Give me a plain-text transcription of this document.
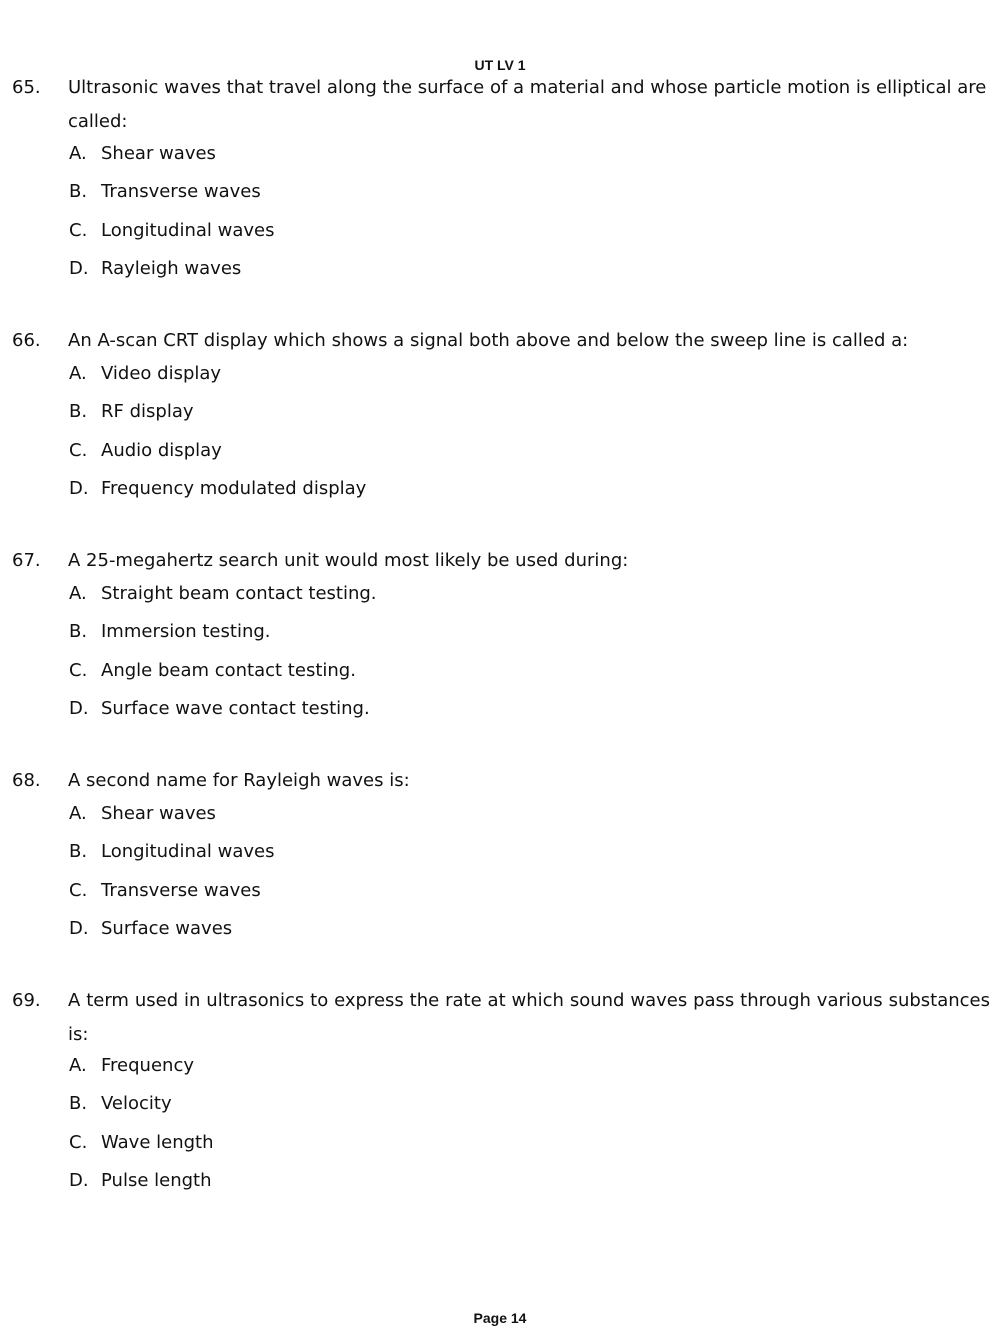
UT LV 1
65. Ultrasonic waves that travel along the surface of a material and whose particle motion is elliptical are called:
A. Shear waves
B. Transverse waves
C. Longitudinal waves
D. Rayleigh waves
66. An A-scan CRT display which shows a signal both above and below the sweep line is called a:
A. Video display
B. RF display
C. Audio display
D. Frequency modulated display
67. A 25-megahertz search unit would most likely be used during:
A. Straight beam contact testing.
B. Immersion testing.
C. Angle beam contact testing.
D. Surface wave contact testing.
68. A second name for Rayleigh waves is:
A. Shear waves
B. Longitudinal waves
C. Transverse waves
D. Surface waves
69. A term used in ultrasonics to express the rate at which sound waves pass through various substances is:
A. Frequency
B. Velocity
C. Wave length
D. Pulse length
Page 14
